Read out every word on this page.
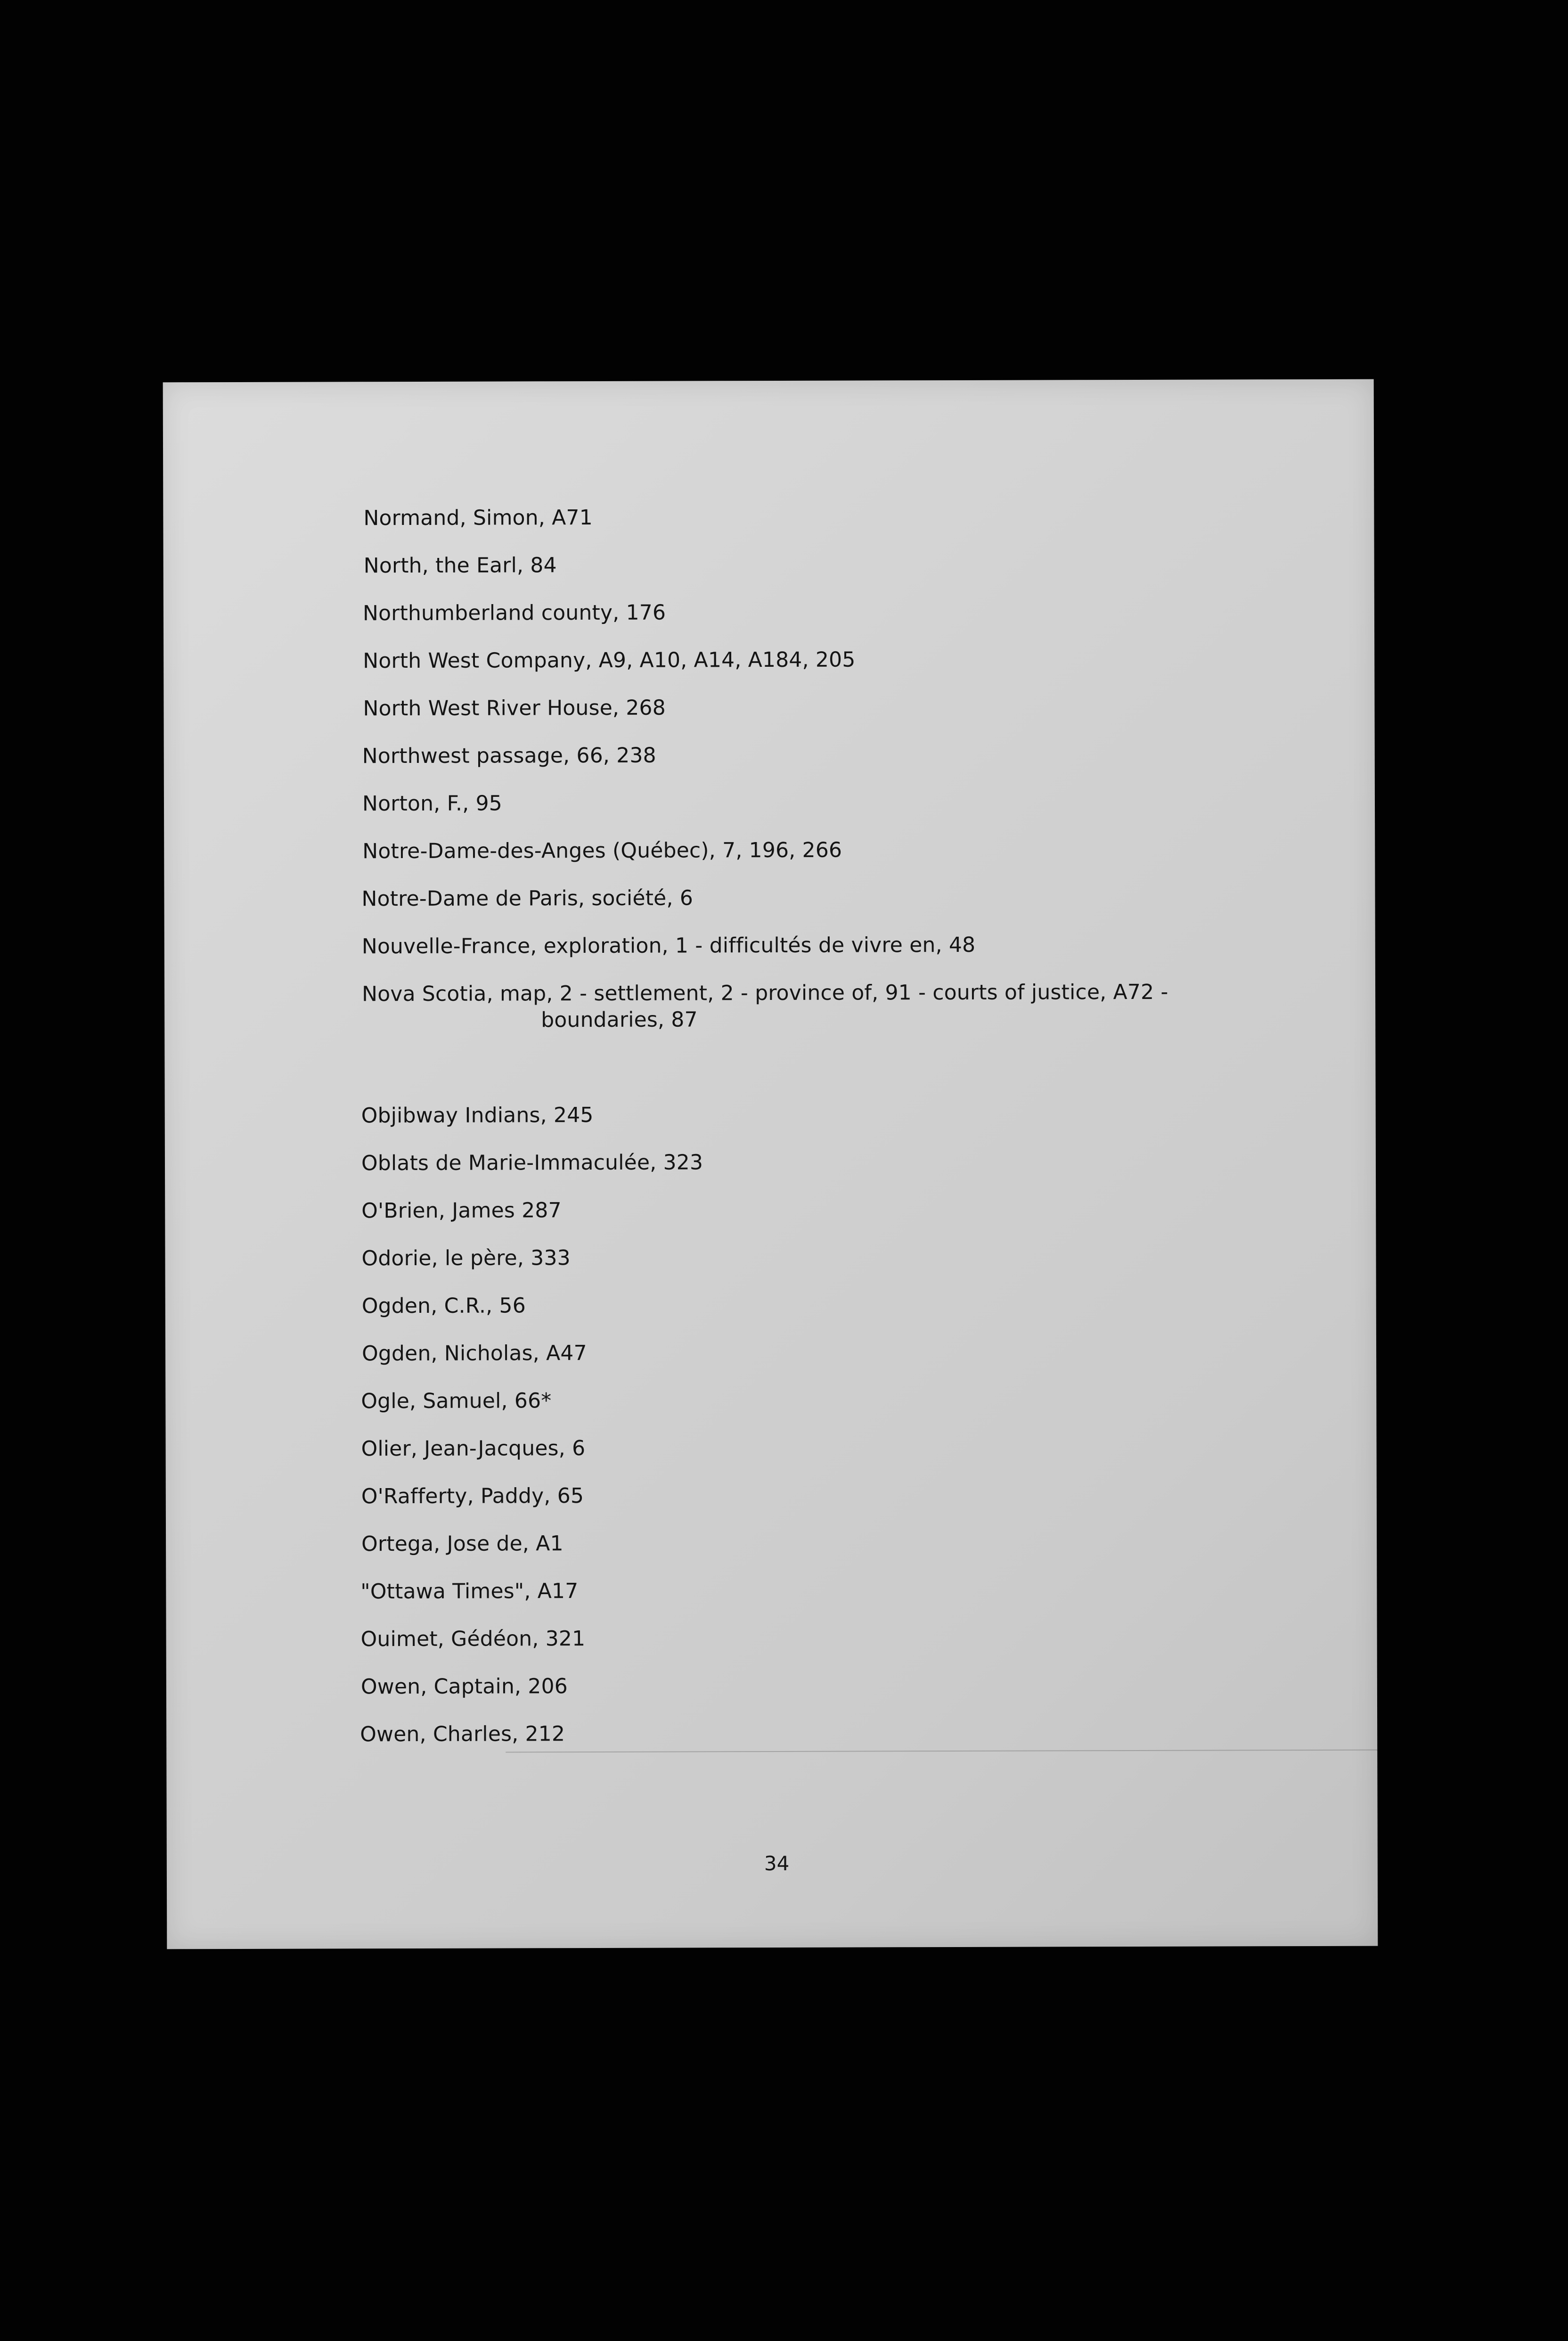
Normand, Simon, A71
North, the Earl, 84
Northumberland county, 176
North West Company, A9, A10, A14, A184, 205
North West River House, 268
Northwest passage, 66, 238
Norton, F., 95
Notre-Dame-des-Anges (Québec), 7, 196, 266
Notre-Dame de Paris, société, 6
Nouvelle-France, exploration, 1 - difficultés de vivre en, 48
Nova Scotia, map, 2 - settlement, 2 - province of, 91 - courts of justice, A72 -
boundaries, 87
Objibway Indians, 245
Oblats de Marie-Immaculée, 323
O'Brien, James 287
Odorie, le père, 333
Ogden, C.R., 56
Ogden, Nicholas, A47
Ogle, Samuel, 66*
Olier, Jean-Jacques, 6
O'Rafferty, Paddy, 65
Ortega, Jose de, A1
"Ottawa Times", A17
Ouimet, Gédéon, 321
Owen, Captain, 206
Owen, Charles, 212
34
